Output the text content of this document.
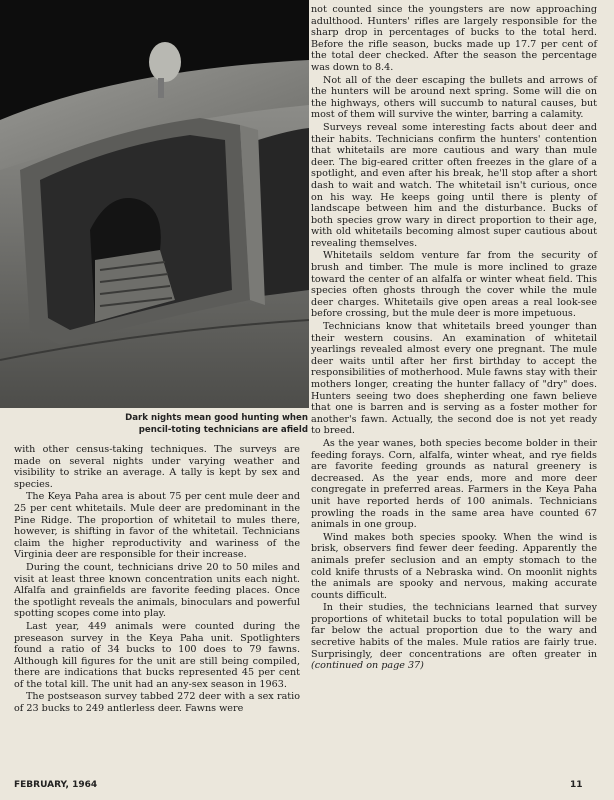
Dark nights mean good hunting when pencil-toting technicians are afield

with other census-taking techniques. The surveys are made on several nights under varying weather and visibility to strike an average. A tally is kept by sex and species.

The Keya Paha area is about 75 per cent mule deer and 25 per cent whitetails. Mule deer are predominant in the Pine Ridge. The proportion of whitetail to mules there, however, is shifting in favor of the whitetail. Technicians claim the higher reproductivity and wariness of the Virginia deer are responsible for their increase.

During the count, technicians drive 20 to 50 miles and visit at least three known concentration units each night. Alfalfa and grainfields are favorite feeding places. Once the spotlight reveals the animals, binoculars and powerful spotting scopes come into play.

Last year, 449 animals were counted during the preseason survey in the Keya Paha unit. Spotlighters found a ratio of 34 bucks to 100 does to 79 fawns. Although kill figures for the unit are still being compiled, there are indications that bucks represented 45 per cent of the total kill. The unit had an any-sex season in 1963.

The postseason survey tabbed 272 deer with a sex ratio of 23 bucks to 249 antlerless deer. Fawns were

not counted since the youngsters are now approaching adulthood. Hunters' rifles are largely responsible for the sharp drop in percentages of bucks to the total herd. Before the rifle season, bucks made up 17.7 per cent of the total deer checked. After the season the percentage was down to 8.4.

Not all of the deer escaping the bullets and arrows of the hunters will be around next spring. Some will die on the highways, others will succumb to natural causes, but most of them will survive the winter, barring a calamity.

Surveys reveal some interesting facts about deer and their habits. Technicians confirm the hunters' contention that whitetails are more cautious and wary than mule deer. The big-eared critter often freezes in the glare of a spotlight, and even after his break, he'll stop after a short dash to wait and watch. The whitetail isn't curious, once on his way. He keeps going until there is plenty of landscape between him and the disturbance. Bucks of both species grow wary in direct proportion to their age, with old whitetails becoming almost super cautious about revealing themselves.

Whitetails seldom venture far from the security of brush and timber. The mule is more inclined to graze toward the center of an alfalfa or winter wheat field. This species often ghosts through the cover while the mule deer charges. Whitetails give open areas a real look-see before crossing, but the mule deer is more impetuous.

Technicians know that whitetails breed younger than their western cousins. An examination of whitetail yearlings revealed almost every one pregnant. The mule deer waits until after her first birthday to accept the responsibilities of motherhood. Mule fawns stay with their mothers longer, creating the hunter fallacy of "dry" does. Hunters seeing two does shepherding one fawn believe that one is barren and is serving as a foster mother for another's fawn. Actually, the second doe is not yet ready to breed.

As the year wanes, both species become bolder in their feeding forays. Corn, alfalfa, winter wheat, and rye fields are favorite feeding grounds as natural greenery is decreased. As the year ends, more and more deer congregate in preferred areas. Farmers in the Keya Paha unit have reported herds of 100 animals. Technicians prowling the roads in the same area have counted 67 animals in one group.

Wind makes both species spooky. When the wind is brisk, observers find fewer deer feeding. Apparently the animals prefer seclusion and an empty stomach to the cold knife thrusts of a Nebraska wind. On moonlit nights the animals are spooky and nervous, making accurate counts difficult.

In their studies, the technicians learned that survey proportions of whitetail bucks to total population will be far below the actual proportion due to the wary and secretive habits of the males. Mule ratios are fairly true. Surprisingly, deer concentrations are often greater in (continued on page 37)

FEBRUARY, 1964	11
